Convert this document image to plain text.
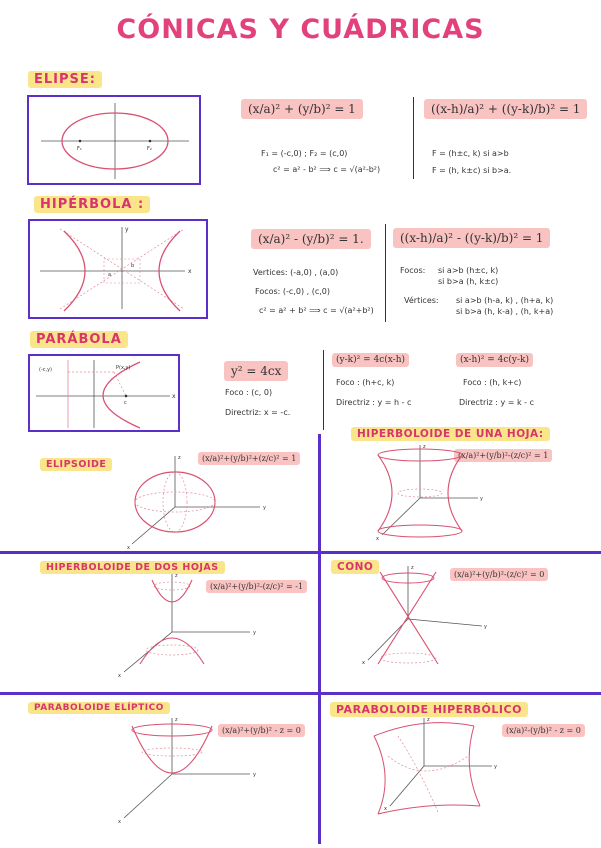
CÓNICAS Y CUÁDRICAS
ELIPSE:
F₁	F₂
(x/a)² + (y/b)² = 1	((x-h)/a)² + ((y-k)/b)² = 1
F₁ = (-c,0) ; F₂ = (c,0)
c² = a² - b² ⟹ c = √(a²-b²)
F = (h±c, k) si a>b
F = (h, k±c) si b>a.
HIPÉRBOLA :
x
y
a
b
(x/a)² - (y/b)² = 1.	((x-h)/a)² - ((y-k)/b)² = 1
Vertices: (-a,0) , (a,0)
Focos: (-c,0) , (c,0)
c² = a² + b² ⟹ c = √(a²+b²)
Focos: si a>b (h±c, k)
si b>a (h, k±c)
Vértices: si a>b (h-a, k) , (h+a, k)
si b>a (h, k-a) , (h, k+a)
PARÁBOLA
x
(-c,y)	P(x,y)
c
y² = 4cx
Foco : (c, 0)
Directriz: x = -c.
(y-k)² = 4c(x-h)
Foco : (h+c, k)
Directriz : y = h - c
(x-h)² = 4c(y-k)
Foco : (h, k+c)
Directriz : y = k - c
ELIPSOIDE
(x/a)²+(y/b)²+(z/c)² = 1
y
z
x
HIPERBOLOIDE DE UNA HOJA:
(x/a)²+(y/b)²-(z/c)² = 1
y
z
x
HIPERBOLOIDE DE DOS HOJAS
(x/a)²+(y/b)²-(z/c)² = -1
y
z
x
CONO
(x/a)²+(y/b)²-(z/c)² = 0
y
z
x
PARABOLOIDE ELÍPTICO
(x/a)²+(y/b)² - z = 0
y
z
x
PARABOLOIDE HIPERBÓLICO
(x/a)²-(y/b)² - z = 0
y
z
x
